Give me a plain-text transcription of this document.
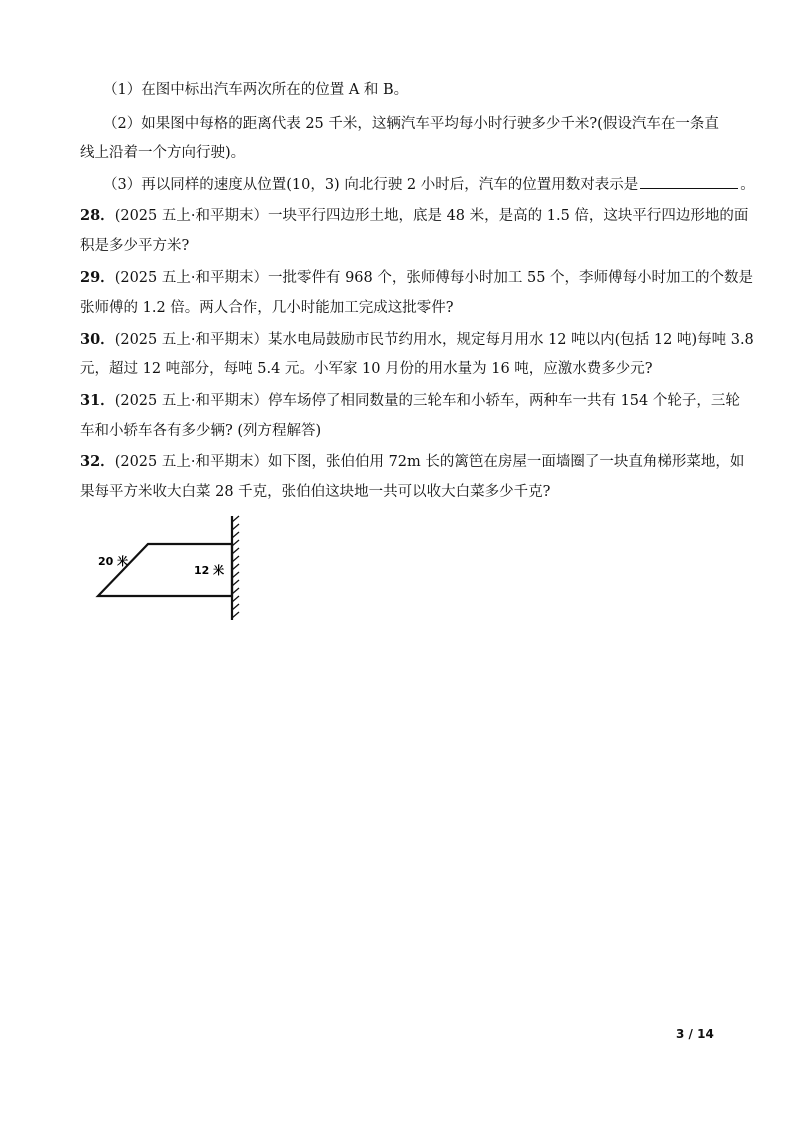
（1）在图中标出汽车两次所在的位置 A 和 B。
（2）如果图中每格的距离代表 25 千米，这辆汽车平均每小时行驶多少千米?(假设汽车在一条直
线上沿着一个方向行驶)。
（3）再以同样的速度从位置(10，3) 向北行驶 2 小时后，汽车的位置用数对表示是	。
28．(2025 五上·和平期末）一块平行四边形土地，底是 48 米，是高的 1.5 倍，这块平行四边形地的面
积是多少平方米?
29．(2025 五上·和平期末）一批零件有 968 个，张师傅每小时加工 55 个，李师傅每小时加工的个数是
张师傅的 1.2 倍。两人合作，几小时能加工完成这批零件?
30．(2025 五上·和平期末）某水电局鼓励市民节约用水，规定每月用水 12 吨以内(包括 12 吨)每吨 3.8
元，超过 12 吨部分，每吨 5.4 元。小军家 10 月份的用水量为 16 吨，应激水费多少元?
31．(2025 五上·和平期末）停车场停了相同数量的三轮车和小轿车，两种车一共有 154 个轮子，三轮
车和小轿车各有多少辆? (列方程解答)
32．(2025 五上·和平期末）如下图，张伯伯用 72m 长的篱笆在房屋一面墙圈了一块直角梯形菜地，如
果每平方米收大白菜 28 千克，张伯伯这块地一共可以收大白菜多少千克?
20 米
12 米
3 / 14
